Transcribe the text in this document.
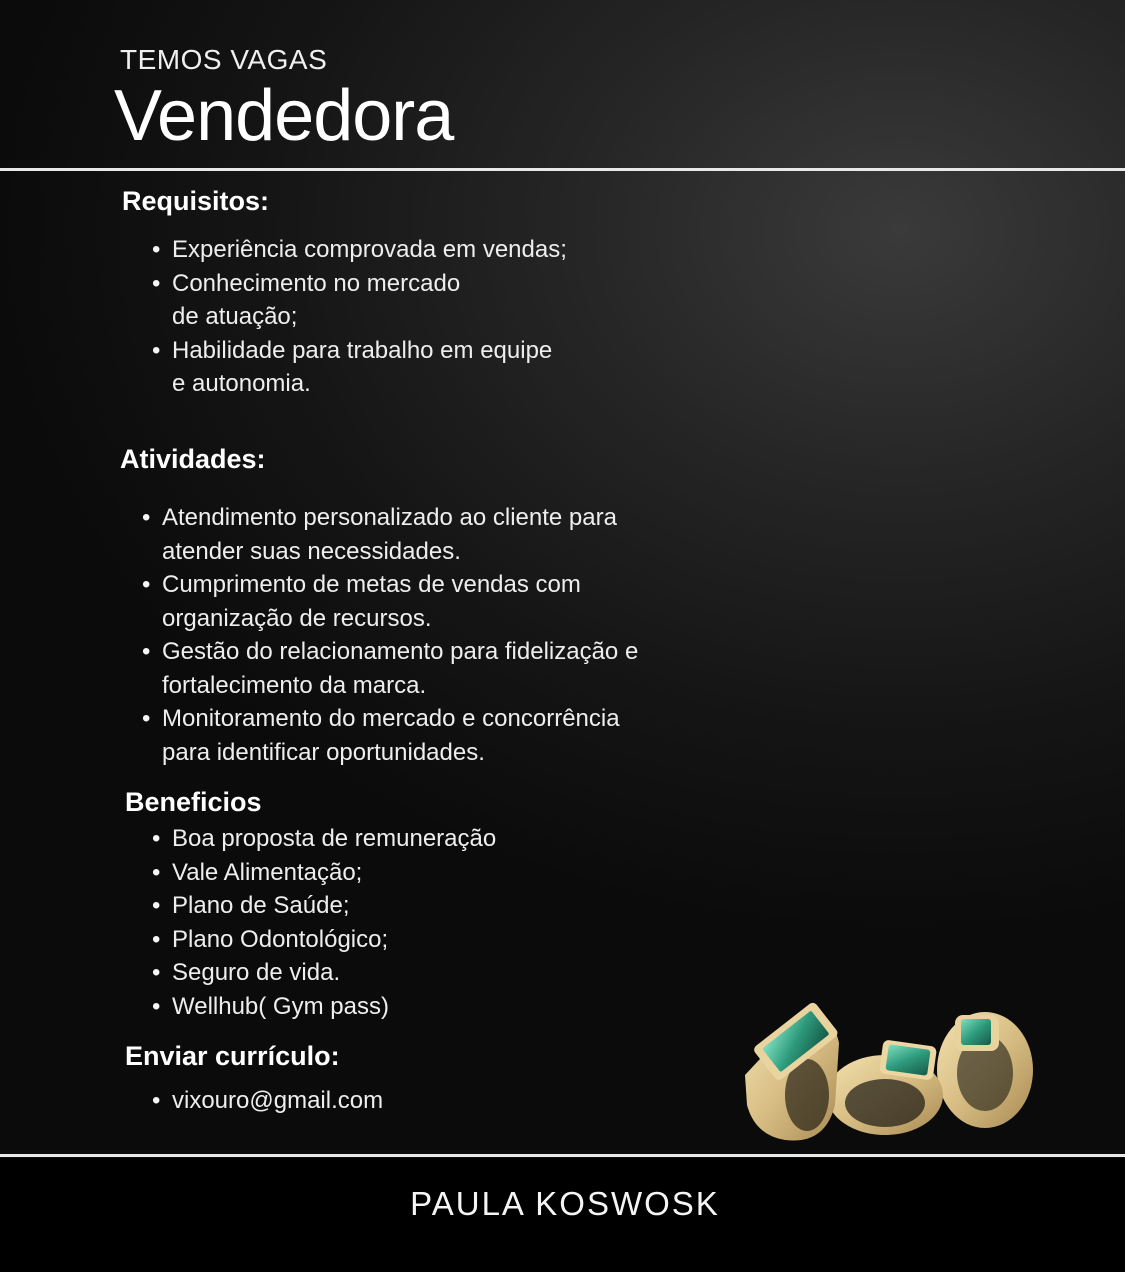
TEMOS VAGAS
Vendedora
Requisitos:
• Experiência comprovada em vendas;
• Conhecimento no mercado de atuação;
• Habilidade para trabalho em equipe e autonomia.
Atividades:
• Atendimento personalizado ao cliente para atender suas necessidades.
• Cumprimento de metas de vendas com organização de recursos.
• Gestão do relacionamento para fidelização e fortalecimento da marca.
• Monitoramento do mercado e concorrência para identificar oportunidades.
Beneficios
• Boa proposta de remuneração
• Vale Alimentação;
• Plano de Saúde;
• Plano Odontológico;
• Seguro de vida.
• Wellhub( Gym pass)
Enviar currículo:
• vixouro@gmail.com
PAULA KOSWOSK
